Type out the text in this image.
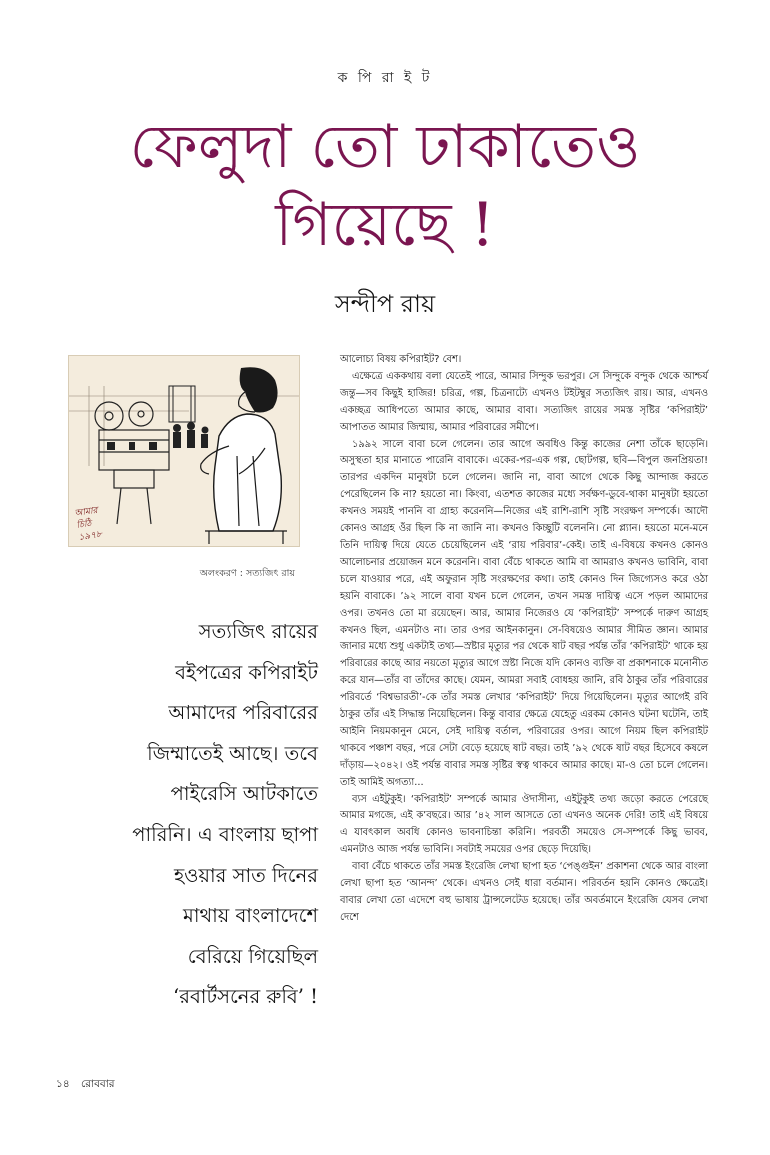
ক পি রা ই ট
ফেলুদা তো ঢাকাতেও
গিয়েছে !
সন্দীপ রায়
আমার
চিঠি
১৯৭৮
অলংকরণ : সত্যজিৎ রায়
সত্যজিৎ রায়ের
বইপত্রের কপিরাইট
আমাদের পরিবারের
জিম্মাতেই আছে। তবে
পাইরেসি আটকাতে
পারিনি। এ বাংলায় ছাপা
হওয়ার সাত দিনের
মাথায় বাংলাদেশে
বেরিয়ে গিয়েছিল
‘রবার্টসনের রুবি’ !

আলোচ্য বিষয় কপিরাইট? বেশ।

এক্ষেত্রে এককথায় বলা যেতেই পারে, আমার সিন্দুক ভরপুর। সে সিন্দুকে বন্দুক থেকে আশ্চর্য জন্তু—সব কিছুই হাজির! চরিত্র, গল্প, চিত্রনাট্যে এখনও টইটম্বুর সত্যজিৎ রায়। আর, এখনও একচ্ছত্র আধিপত্যে আমার কাছে, আমার বাবা। সত্যজিৎ রায়ের সমস্ত সৃষ্টির ‘কপিরাইট’ আপাতত আমার জিম্মায়, আমার পরিবারের সমীপে।

১৯৯২ সালে বাবা চলে গেলেন। তার আগে অবধিও কিন্তু কাজের নেশা তাঁকে ছাড়েনি। অসুস্থতা হার মানাতে পারেনি বাবাকে। একের-পর-এক গল্প, ছোটগল্প, ছবি—বিপুল জনপ্রিয়তা! তারপর একদিন মানুষটা চলে গেলেন। জানি না, বাবা আগে থেকে কিছু আন্দাজ করতে পেরেছিলেন কি না? হয়তো না। কিংবা, এতশত কাজের মধ্যে সর্বক্ষণ-ডুবে-থাকা মানুষটা হয়তো কখনও সময়ই পাননি বা গ্রাহ্য করেননি—নিজের এই রাশি-রাশি সৃষ্টি সংরক্ষণ সম্পর্কে। আদৌ কোনও আগ্রহ ওঁর ছিল কি না জানি না। কখনও কিচ্ছুটি বলেননি। নো প্ল্যান। হয়তো মনে-মনে তিনি দায়িত্ব দিয়ে যেতে চেয়েছিলেন এই ‘রায় পরিবার’-কেই। তাই এ-বিষয়ে কখনও কোনও আলোচনার প্রয়োজন মনে করেননি। বাবা বেঁচে থাকতে আমি বা আমরাও কখনও ভাবিনি, বাবা চলে যাওয়ার পরে, এই অফুরান সৃষ্টি সংরক্ষণের কথা। তাই কোনও দিন জিগ্যেসও করে ওঠা হয়নি বাবাকে। ’৯২ সালে বাবা যখন চলে গেলেন, তখন সমস্ত দায়িত্ব এসে পড়ল আমাদের ওপর। তখনও তো মা রয়েছেন। আর, আমার নিজেরও যে ‘কপিরাইট’ সম্পর্কে দারুণ আগ্রহ কখনও ছিল, এমনটাও না। তার ওপর আইনকানুন। সে-বিষয়েও আমার সীমিত জ্ঞান। আমার জানার মধ্যে শুধু একটাই তথ্য—স্রষ্টার মৃত্যুর পর থেকে ষাট বছর পর্যন্ত তাঁর ‘কপিরাইট’ থাকে হয় পরিবারের কাছে আর নয়তো মৃত্যুর আগে স্রষ্টা নিজে যদি কোনও ব্যক্তি বা প্রকাশনাকে মনোনীত করে যান—তাঁর বা তাঁদের কাছে। যেমন, আমরা সবাই বোধহয় জানি, রবি ঠাকুর তাঁর পরিবারের পরিবর্তে ‘বিশ্বভারতী’-কে তাঁর সমস্ত লেখার ‘কপিরাইট’ দিয়ে গিয়েছিলেন। মৃত্যুর আগেই রবি ঠাকুর তাঁর এই সিদ্ধান্ত নিয়েছিলেন। কিন্তু বাবার ক্ষেত্রে যেহেতু এরকম কোনও ঘটনা ঘটেনি, তাই আইনি নিয়মকানুন মেনে, সেই দায়িত্ব বর্তাল, পরিবারের ওপর। আগে নিয়ম ছিল কপিরাইট থাকবে পঞ্চাশ বছর, পরে সেটা বেড়ে হয়েছে ষাট বছর। তাই ’৯২ থেকে ষাট বছর হিসেবে কষলে দাঁড়ায়—২০৪২। ওই পর্যন্ত বাবার সমস্ত সৃষ্টির স্বত্ব থাকবে আমার কাছে। মা-ও তো চলে গেলেন। তাই আমিই অগত্যা...

ব্যস এইটুকুই। ‘কপিরাইট’ সম্পর্কে আমার ঔদাসীন্য, এইটুকুই তথ্য জড়ো করতে পেরেছে আমার মগজে, এই ক’বছরে। আর ’৪২ সাল আসতে তো এখনও অনেক দেরি! তাই এই বিষয়ে এ যাবৎকাল অবধি কোনও ভাবনাচিন্তা করিনি। পরবর্তী সময়েও সে-সম্পর্কে কিছু ভাবব, এমনটাও আজ পর্যন্ত ভাবিনি। সবটাই সময়ের ওপর ছেড়ে দিয়েছি।

বাবা বেঁচে থাকতে তাঁর সমস্ত ইংরেজি লেখা ছাপা হত ‘পেঙ্গুইন’ প্রকাশনা থেকে আর বাংলা লেখা ছাপা হত ‘আনন্দ’ থেকে। এখনও সেই ধারা বর্তমান। পরিবর্তন হয়নি কোনও ক্ষেত্রেই। বাবার লেখা তো এদেশে বহু ভাষায় ট্রান্সলেটেড হয়েছে। তাঁর অবর্তমানে ইংরেজি যেসব লেখা দেশে

১৪ রোববার
